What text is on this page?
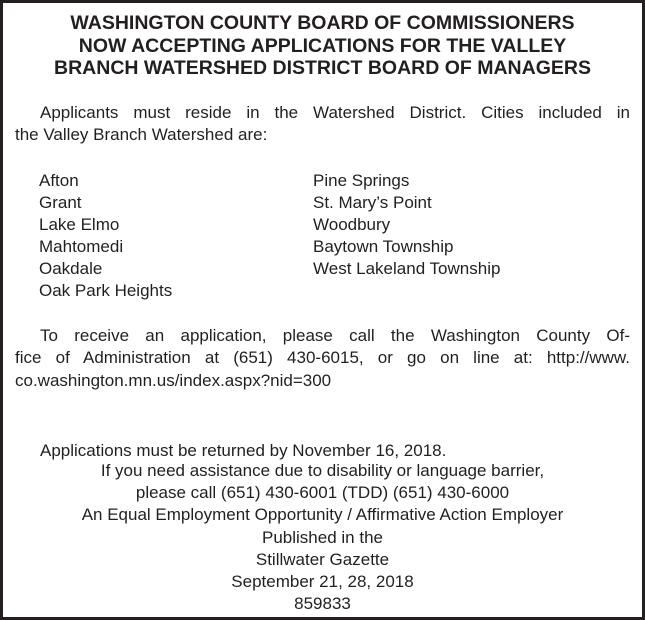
WASHINGTON COUNTY BOARD OF COMMISSIONERS
NOW ACCEPTING APPLICATIONS FOR THE VALLEY
BRANCH WATERSHED DISTRICT BOARD OF MANAGERS
Applicants must reside in the Watershed District. Cities included in
the Valley Branch Watershed are:
Afton
Grant
Lake Elmo
Mahtomedi
Oakdale
Oak Park Heights
Pine Springs
St. Mary’s Point
Woodbury
Baytown Township
West Lakeland Township
To receive an application, please call the Washington County Of-
fice of Administration at (651) 430-6015, or go on line at: http://www.
co.washington.mn.us/index.aspx?nid=300
Applications must be returned by November 16, 2018.
If you need assistance due to disability or language barrier,
please call (651) 430-6001 (TDD) (651) 430-6000
An Equal Employment Opportunity / Affirmative Action Employer
Published in the
Stillwater Gazette
September 21, 28, 2018
859833
